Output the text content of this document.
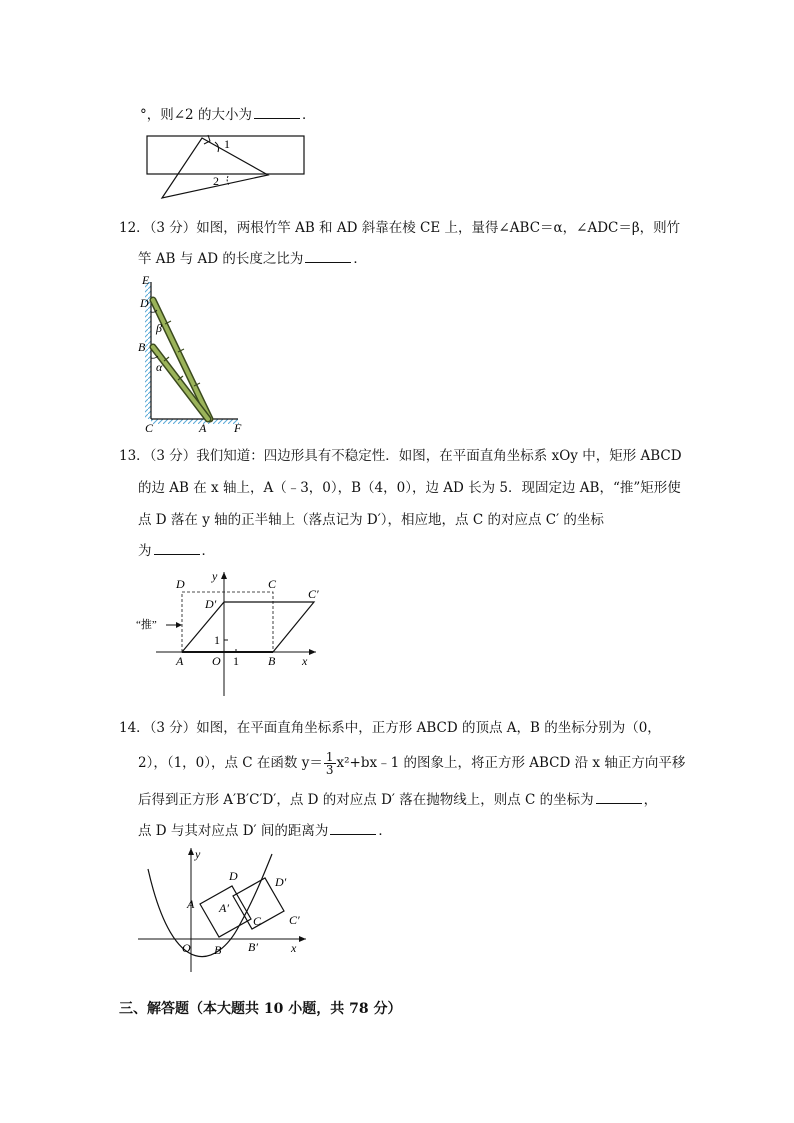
°，则∠2 的大小为	．
1
2
12．（3 分）如图，两根竹竿 AB 和 AD 斜靠在棱 CE 上，量得∠ABC＝α，∠ADC＝β，则竹
竿 AB 与 AD 的长度之比为	．
E
D
β
B
α
C	A F
13．（3 分）我们知道：四边形具有不稳定性．如图，在平面直角坐标系 xOy 中，矩形 ABCD
的边 AB 在 x 轴上，A（﹣3，0），B（4，0），边 AD 长为 5．现固定边 AB，“推”矩形使
点 D 落在 y 轴的正半轴上（落点记为 D′），相应地，点 C 的对应点 C′ 的坐标
为	．
y
D	C
D′
C′
“推”
1
A O 1 B x
14．（3 分）如图，在平面直角坐标系中，正方形 ABCD 的顶点 A，B 的坐标分别为（0，
2），（1，0），点 C 在函数 $y= \frac{1}{3}$ x²+bx﹣1 的图象上，将正方形 ABCD 沿 x 轴正方向平移
后得到正方形 A′B′C′D′，点 D 的对应点 D′ 落在抛物线上，则点 C 的坐标为	，
点 D 与其对应点 D′ 间的距离为	．
y
D	D′
A A′
C C′
O B B′	x
三、解答题（本大题共 10 小题，共 78 分）
